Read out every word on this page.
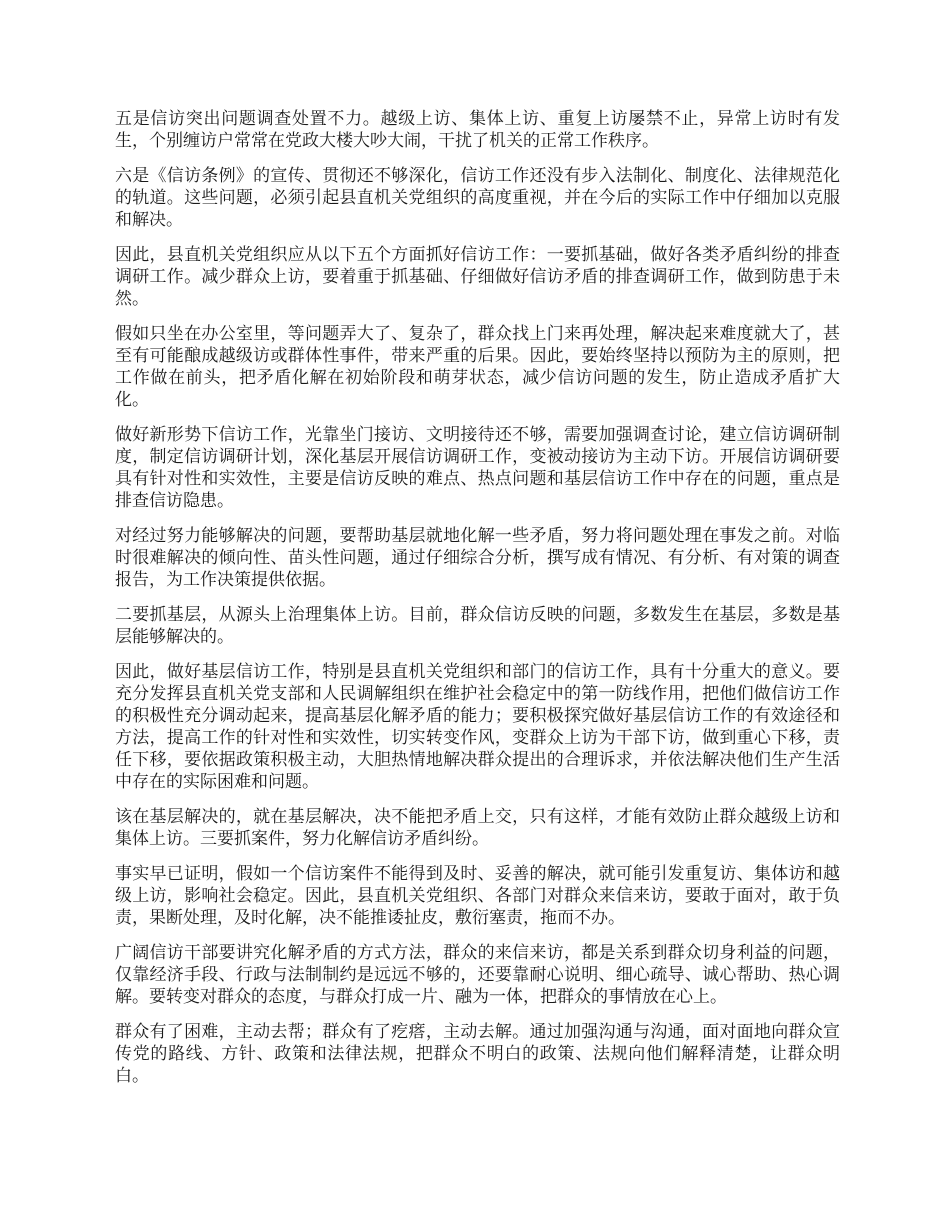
五是信访突出问题调查处置不力。越级上访、集体上访、重复上访屡禁不止，异常上访时有发生，个别缠访户常常在党政大楼大吵大闹，干扰了机关的正常工作秩序。

六是《信访条例》的宣传、贯彻还不够深化，信访工作还没有步入法制化、制度化、法律规范化的轨道。这些问题，必须引起县直机关党组织的高度重视，并在今后的实际工作中仔细加以克服和解决。

因此，县直机关党组织应从以下五个方面抓好信访工作：一要抓基础，做好各类矛盾纠纷的排查调研工作。减少群众上访，要着重于抓基础、仔细做好信访矛盾的排查调研工作，做到防患于未然。

假如只坐在办公室里，等问题弄大了、复杂了，群众找上门来再处理，解决起来难度就大了，甚至有可能酿成越级访或群体性事件，带来严重的后果。因此，要始终坚持以预防为主的原则，把工作做在前头，把矛盾化解在初始阶段和萌芽状态，减少信访问题的发生，防止造成矛盾扩大化。

做好新形势下信访工作，光靠坐门接访、文明接待还不够，需要加强调查讨论，建立信访调研制度，制定信访调研计划，深化基层开展信访调研工作，变被动接访为主动下访。开展信访调研要具有针对性和实效性，主要是信访反映的难点、热点问题和基层信访工作中存在的问题，重点是排查信访隐患。

对经过努力能够解决的问题，要帮助基层就地化解一些矛盾，努力将问题处理在事发之前。对临时很难解决的倾向性、苗头性问题，通过仔细综合分析，撰写成有情况、有分析、有对策的调查报告，为工作决策提供依据。

二要抓基层，从源头上治理集体上访。目前，群众信访反映的问题，多数发生在基层，多数是基层能够解决的。

因此，做好基层信访工作，特别是县直机关党组织和部门的信访工作，具有十分重大的意义。要充分发挥县直机关党支部和人民调解组织在维护社会稳定中的第一防线作用，把他们做信访工作的积极性充分调动起来，提高基层化解矛盾的能力；要积极探究做好基层信访工作的有效途径和方法，提高工作的针对性和实效性，切实转变作风，变群众上访为干部下访，做到重心下移，责任下移，要依据政策积极主动，大胆热情地解决群众提出的合理诉求，并依法解决他们生产生活中存在的实际困难和问题。

该在基层解决的，就在基层解决，决不能把矛盾上交，只有这样，才能有效防止群众越级上访和集体上访。三要抓案件，努力化解信访矛盾纠纷。

事实早已证明，假如一个信访案件不能得到及时、妥善的解决，就可能引发重复访、集体访和越级上访，影响社会稳定。因此，县直机关党组织、各部门对群众来信来访，要敢于面对，敢于负责，果断处理，及时化解，决不能推诿扯皮，敷衍塞责，拖而不办。

广阔信访干部要讲究化解矛盾的方式方法，群众的来信来访，都是关系到群众切身利益的问题，仅靠经济手段、行政与法制制约是远远不够的，还要靠耐心说明、细心疏导、诚心帮助、热心调解。要转变对群众的态度，与群众打成一片、融为一体，把群众的事情放在心上。

群众有了困难，主动去帮；群众有了疙瘩，主动去解。通过加强沟通与沟通，面对面地向群众宣传党的路线、方针、政策和法律法规，把群众不明白的政策、法规向他们解释清楚，让群众明白。
